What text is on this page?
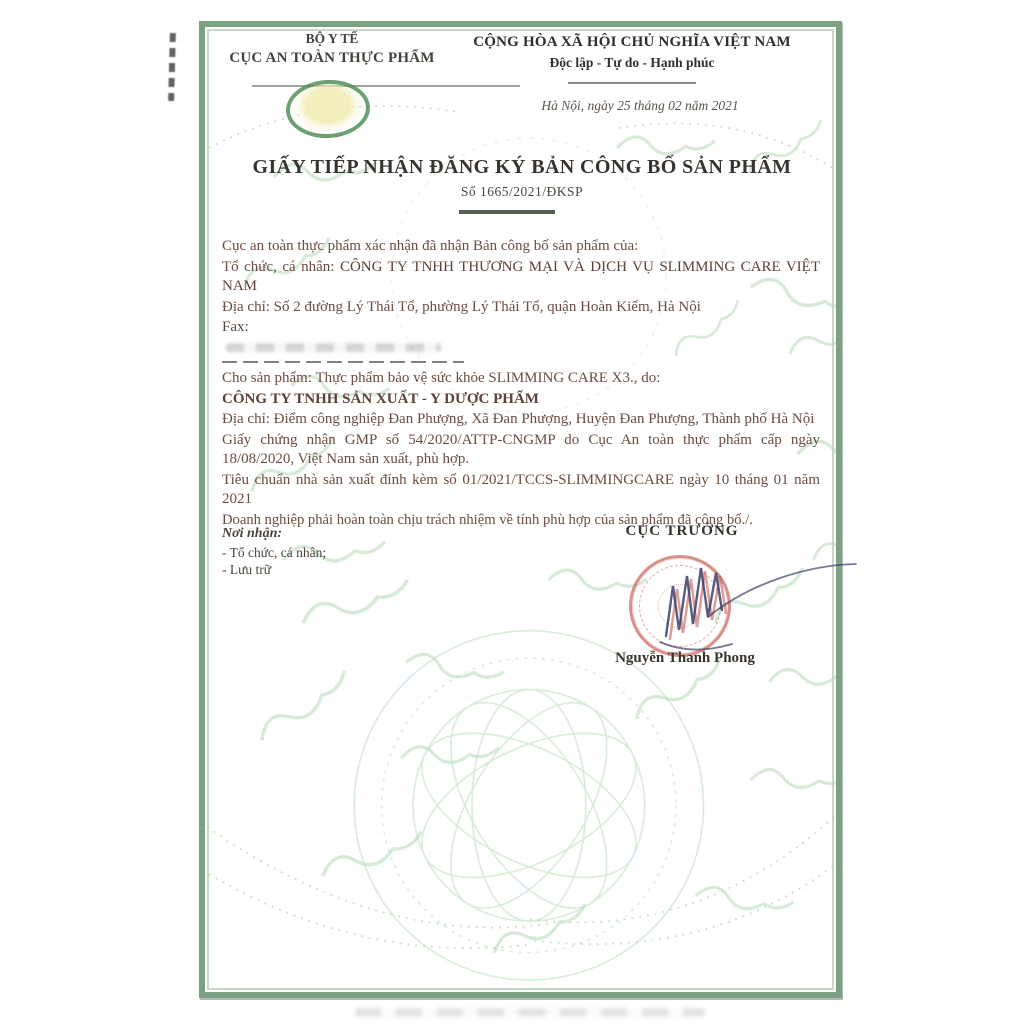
BỘ Y TẾ
CỤC AN TOÀN THỰC PHẨM
CỘNG HÒA XÃ HỘI CHỦ NGHĨA VIỆT NAM
Độc lập - Tự do - Hạnh phúc
Hà Nội, ngày 25 tháng 02 năm 2021
GIẤY TIẾP NHẬN ĐĂNG KÝ BẢN CÔNG BỐ SẢN PHẨM
Số 1665/2021/ĐKSP

Cục an toàn thực phẩm xác nhận đã nhận Bản công bố sản phẩm của:

Tổ chức, cá nhân: CÔNG TY TNHH THƯƠNG MẠI VÀ DỊCH VỤ SLIMMING CARE VIỆT NAM

Địa chỉ: Số 2 đường Lý Thái Tổ, phường Lý Thái Tổ, quận Hoàn Kiếm, Hà Nội

Fax:

Cho sản phẩm: Thực phẩm bảo vệ sức khỏe SLIMMING CARE X3., do:

CÔNG TY TNHH SẢN XUẤT - Y DƯỢC PHẨM

Địa chỉ: Điểm công nghiệp Đan Phượng, Xã Đan Phượng, Huyện Đan Phượng, Thành phố Hà Nội

Giấy chứng nhận GMP số 54/2020/ATTP-CNGMP do Cục An toàn thực phẩm cấp ngày 18/08/2020, Việt Nam sản xuất, phù hợp.

Tiêu chuẩn nhà sản xuất đính kèm số 01/2021/TCCS-SLIMMINGCARE ngày 10 tháng 01 năm 2021

Doanh nghiệp phải hoàn toàn chịu trách nhiệm về tính phù hợp của sản phẩm đã công bố./.

Nơi nhận:
- Tổ chức, cá nhân;
- Lưu trữ
CỤC TRƯỞNG
Nguyễn Thanh Phong
